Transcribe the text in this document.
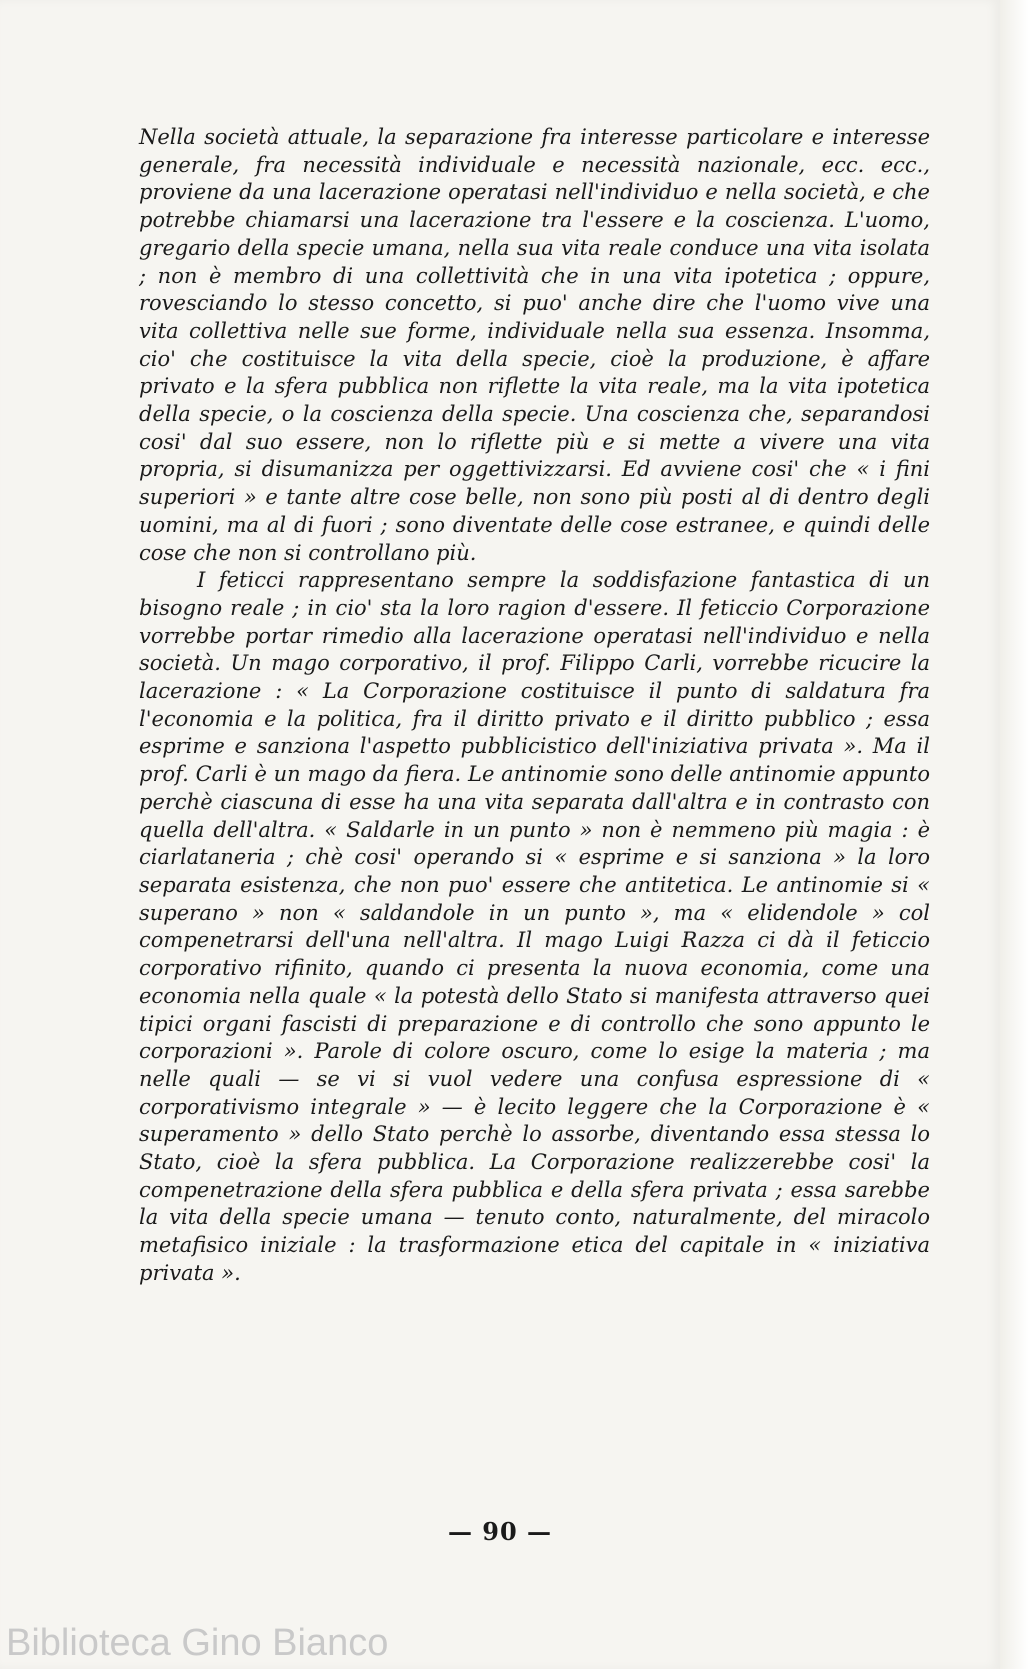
Nella società attuale, la separazione fra interesse particolare e interesse generale, fra necessità individuale e necessità nazionale, ecc. ecc., proviene da una lacerazione operatasi nell'individuo e nella società, e che potrebbe chiamarsi una lacerazione tra l'essere e la coscienza. L'uomo, gregario della specie umana, nella sua vita reale conduce una vita isolata ; non è membro di una collettività che in una vita ipotetica ; oppure, rovesciando lo stesso concetto, si puo' anche dire che l'uomo vive una vita collettiva nelle sue forme, individuale nella sua essenza. Insomma, cio' che costituisce la vita della specie, cioè la produzione, è affare privato e la sfera pubblica non riflette la vita reale, ma la vita ipotetica della specie, o la coscienza della specie. Una coscienza che, separandosi cosi' dal suo essere, non lo riflette più e si mette a vivere una vita propria, si disumanizza per oggettivizzarsi. Ed avviene cosi' che « i fini superiori » e tante altre cose belle, non sono più posti al di dentro degli uomini, ma al di fuori ; sono diventate delle cose estranee, e quindi delle cose che non si controllano più.

I feticci rappresentano sempre la soddisfazione fantastica di un bisogno reale ; in cio' sta la loro ragion d'essere. Il feticcio Corporazione vorrebbe portar rimedio alla lacerazione operatasi nell'individuo e nella società. Un mago corporativo, il prof. Filippo Carli, vorrebbe ricucire la lacerazione : « La Corporazione costituisce il punto di saldatura fra l'economia e la politica, fra il diritto privato e il diritto pubblico ; essa esprime e sanziona l'aspetto pubblicistico dell'iniziativa privata ». Ma il prof. Carli è un mago da fiera. Le antinomie sono delle antinomie appunto perchè ciascuna di esse ha una vita separata dall'altra e in contrasto con quella dell'altra. « Saldarle in un punto » non è nemmeno più magia : è ciarlataneria ; chè cosi' operando si « esprime e si sanziona » la loro separata esistenza, che non puo' essere che antitetica. Le antinomie si « superano » non « saldandole in un punto », ma « elidendole » col compenetrarsi dell'una nell'altra. Il mago Luigi Razza ci dà il feticcio corporativo rifinito, quando ci presenta la nuova economia, come una economia nella quale « la potestà dello Stato si manifesta attraverso quei tipici organi fascisti di preparazione e di controllo che sono appunto le corporazioni ». Parole di colore oscuro, come lo esige la materia ; ma nelle quali — se vi si vuol vedere una confusa espressione di « corporativismo integrale » — è lecito leggere che la Corporazione è « superamento » dello Stato perchè lo assorbe, diventando essa stessa lo Stato, cioè la sfera pubblica. La Corporazione realizzerebbe cosi' la compenetrazione della sfera pubblica e della sfera privata ; essa sarebbe la vita della specie umana — tenuto conto, naturalmente, del miracolo metafisico iniziale : la trasformazione etica del capitale in « iniziativa privata ».

— 90 —
Biblioteca Gino Bianco
